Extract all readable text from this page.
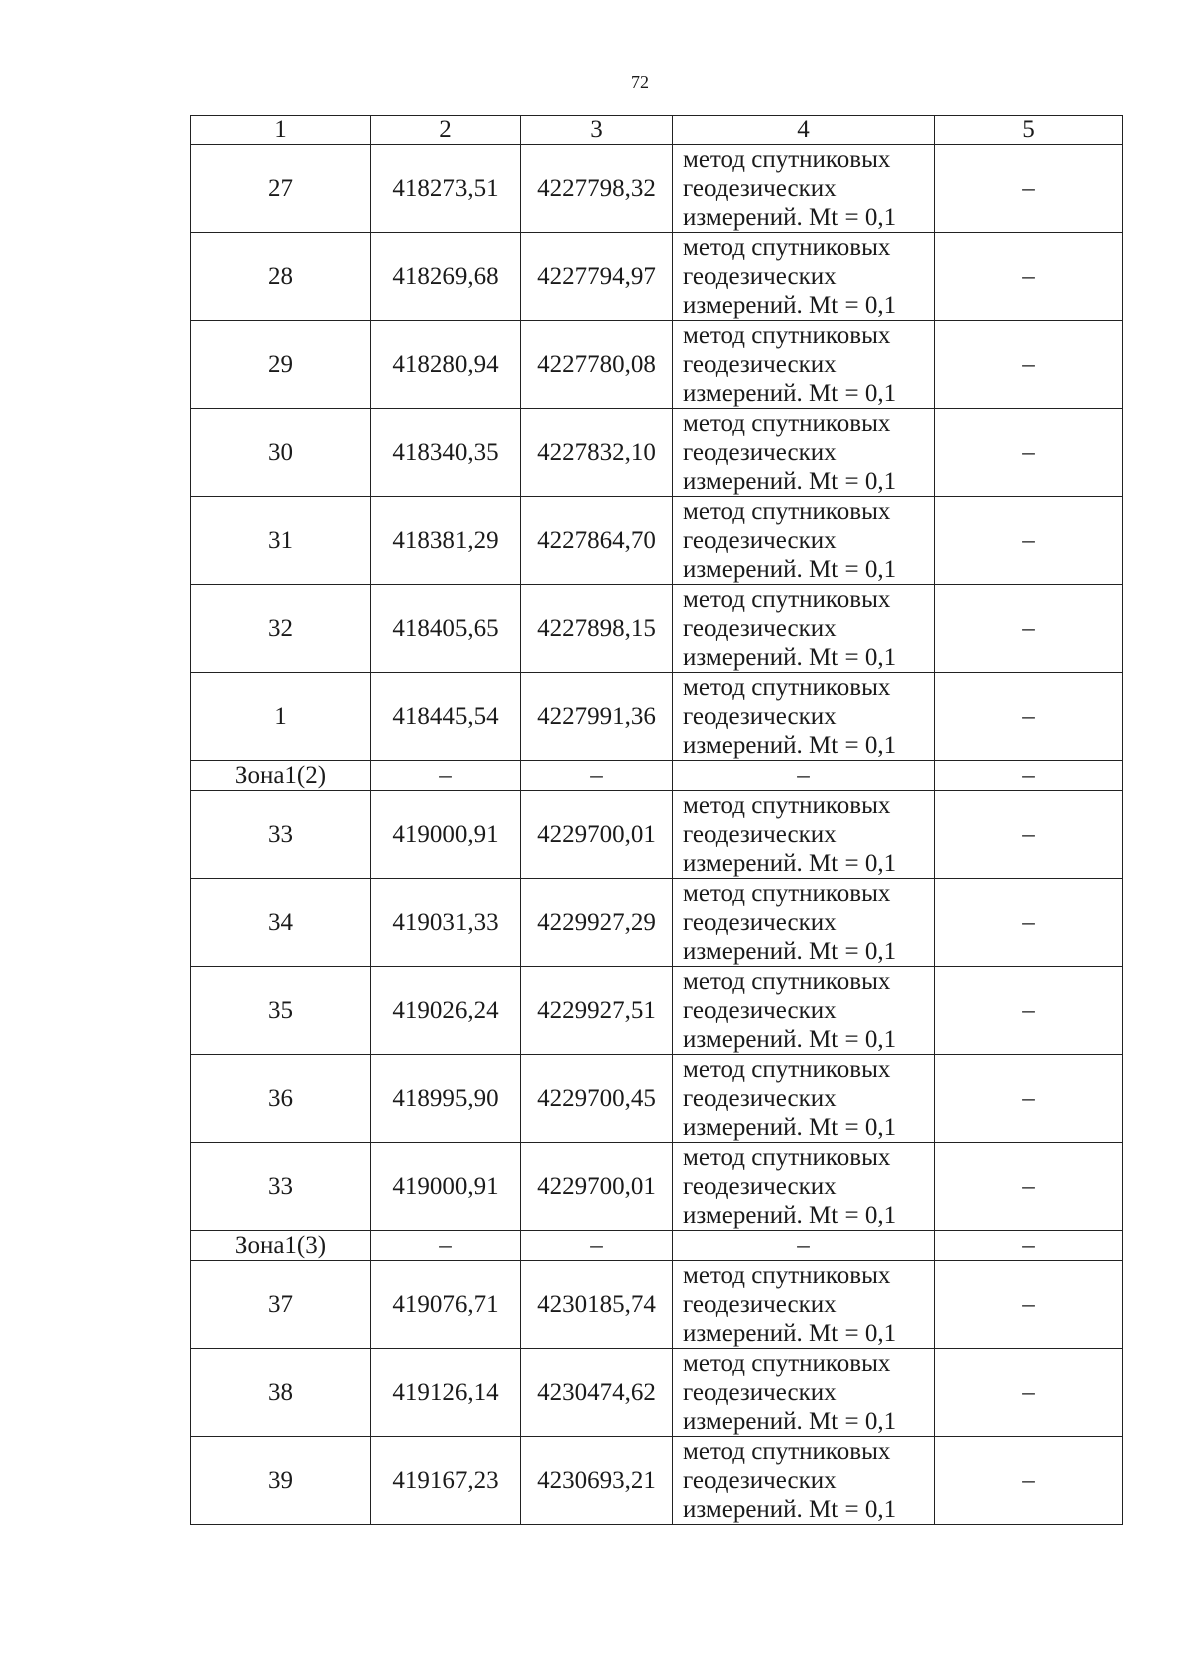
72
1	2	3	4	5
27	418273,51	4227798,32	метод спутниковых
геодезических
измерений. Mt = 0,1	–
28	418269,68	4227794,97	метод спутниковых
геодезических
измерений. Mt = 0,1	–
29	418280,94	4227780,08	метод спутниковых
геодезических
измерений. Mt = 0,1	–
30	418340,35	4227832,10	метод спутниковых
геодезических
измерений. Mt = 0,1	–
31	418381,29	4227864,70	метод спутниковых
геодезических
измерений. Mt = 0,1	–
32	418405,65	4227898,15	метод спутниковых
геодезических
измерений. Mt = 0,1	–
1	418445,54	4227991,36	метод спутниковых
геодезических
измерений. Mt = 0,1	–
Зона1(2)	–	–	–	–
33	419000,91	4229700,01	метод спутниковых
геодезических
измерений. Mt = 0,1	–
34	419031,33	4229927,29	метод спутниковых
геодезических
измерений. Mt = 0,1	–
35	419026,24	4229927,51	метод спутниковых
геодезических
измерений. Mt = 0,1	–
36	418995,90	4229700,45	метод спутниковых
геодезических
измерений. Mt = 0,1	–
33	419000,91	4229700,01	метод спутниковых
геодезических
измерений. Mt = 0,1	–
Зона1(3)	–	–	–	–
37	419076,71	4230185,74	метод спутниковых
геодезических
измерений. Mt = 0,1	–
38	419126,14	4230474,62	метод спутниковых
геодезических
измерений. Mt = 0,1	–
39	419167,23	4230693,21	метод спутниковых
геодезических
измерений. Mt = 0,1	–
